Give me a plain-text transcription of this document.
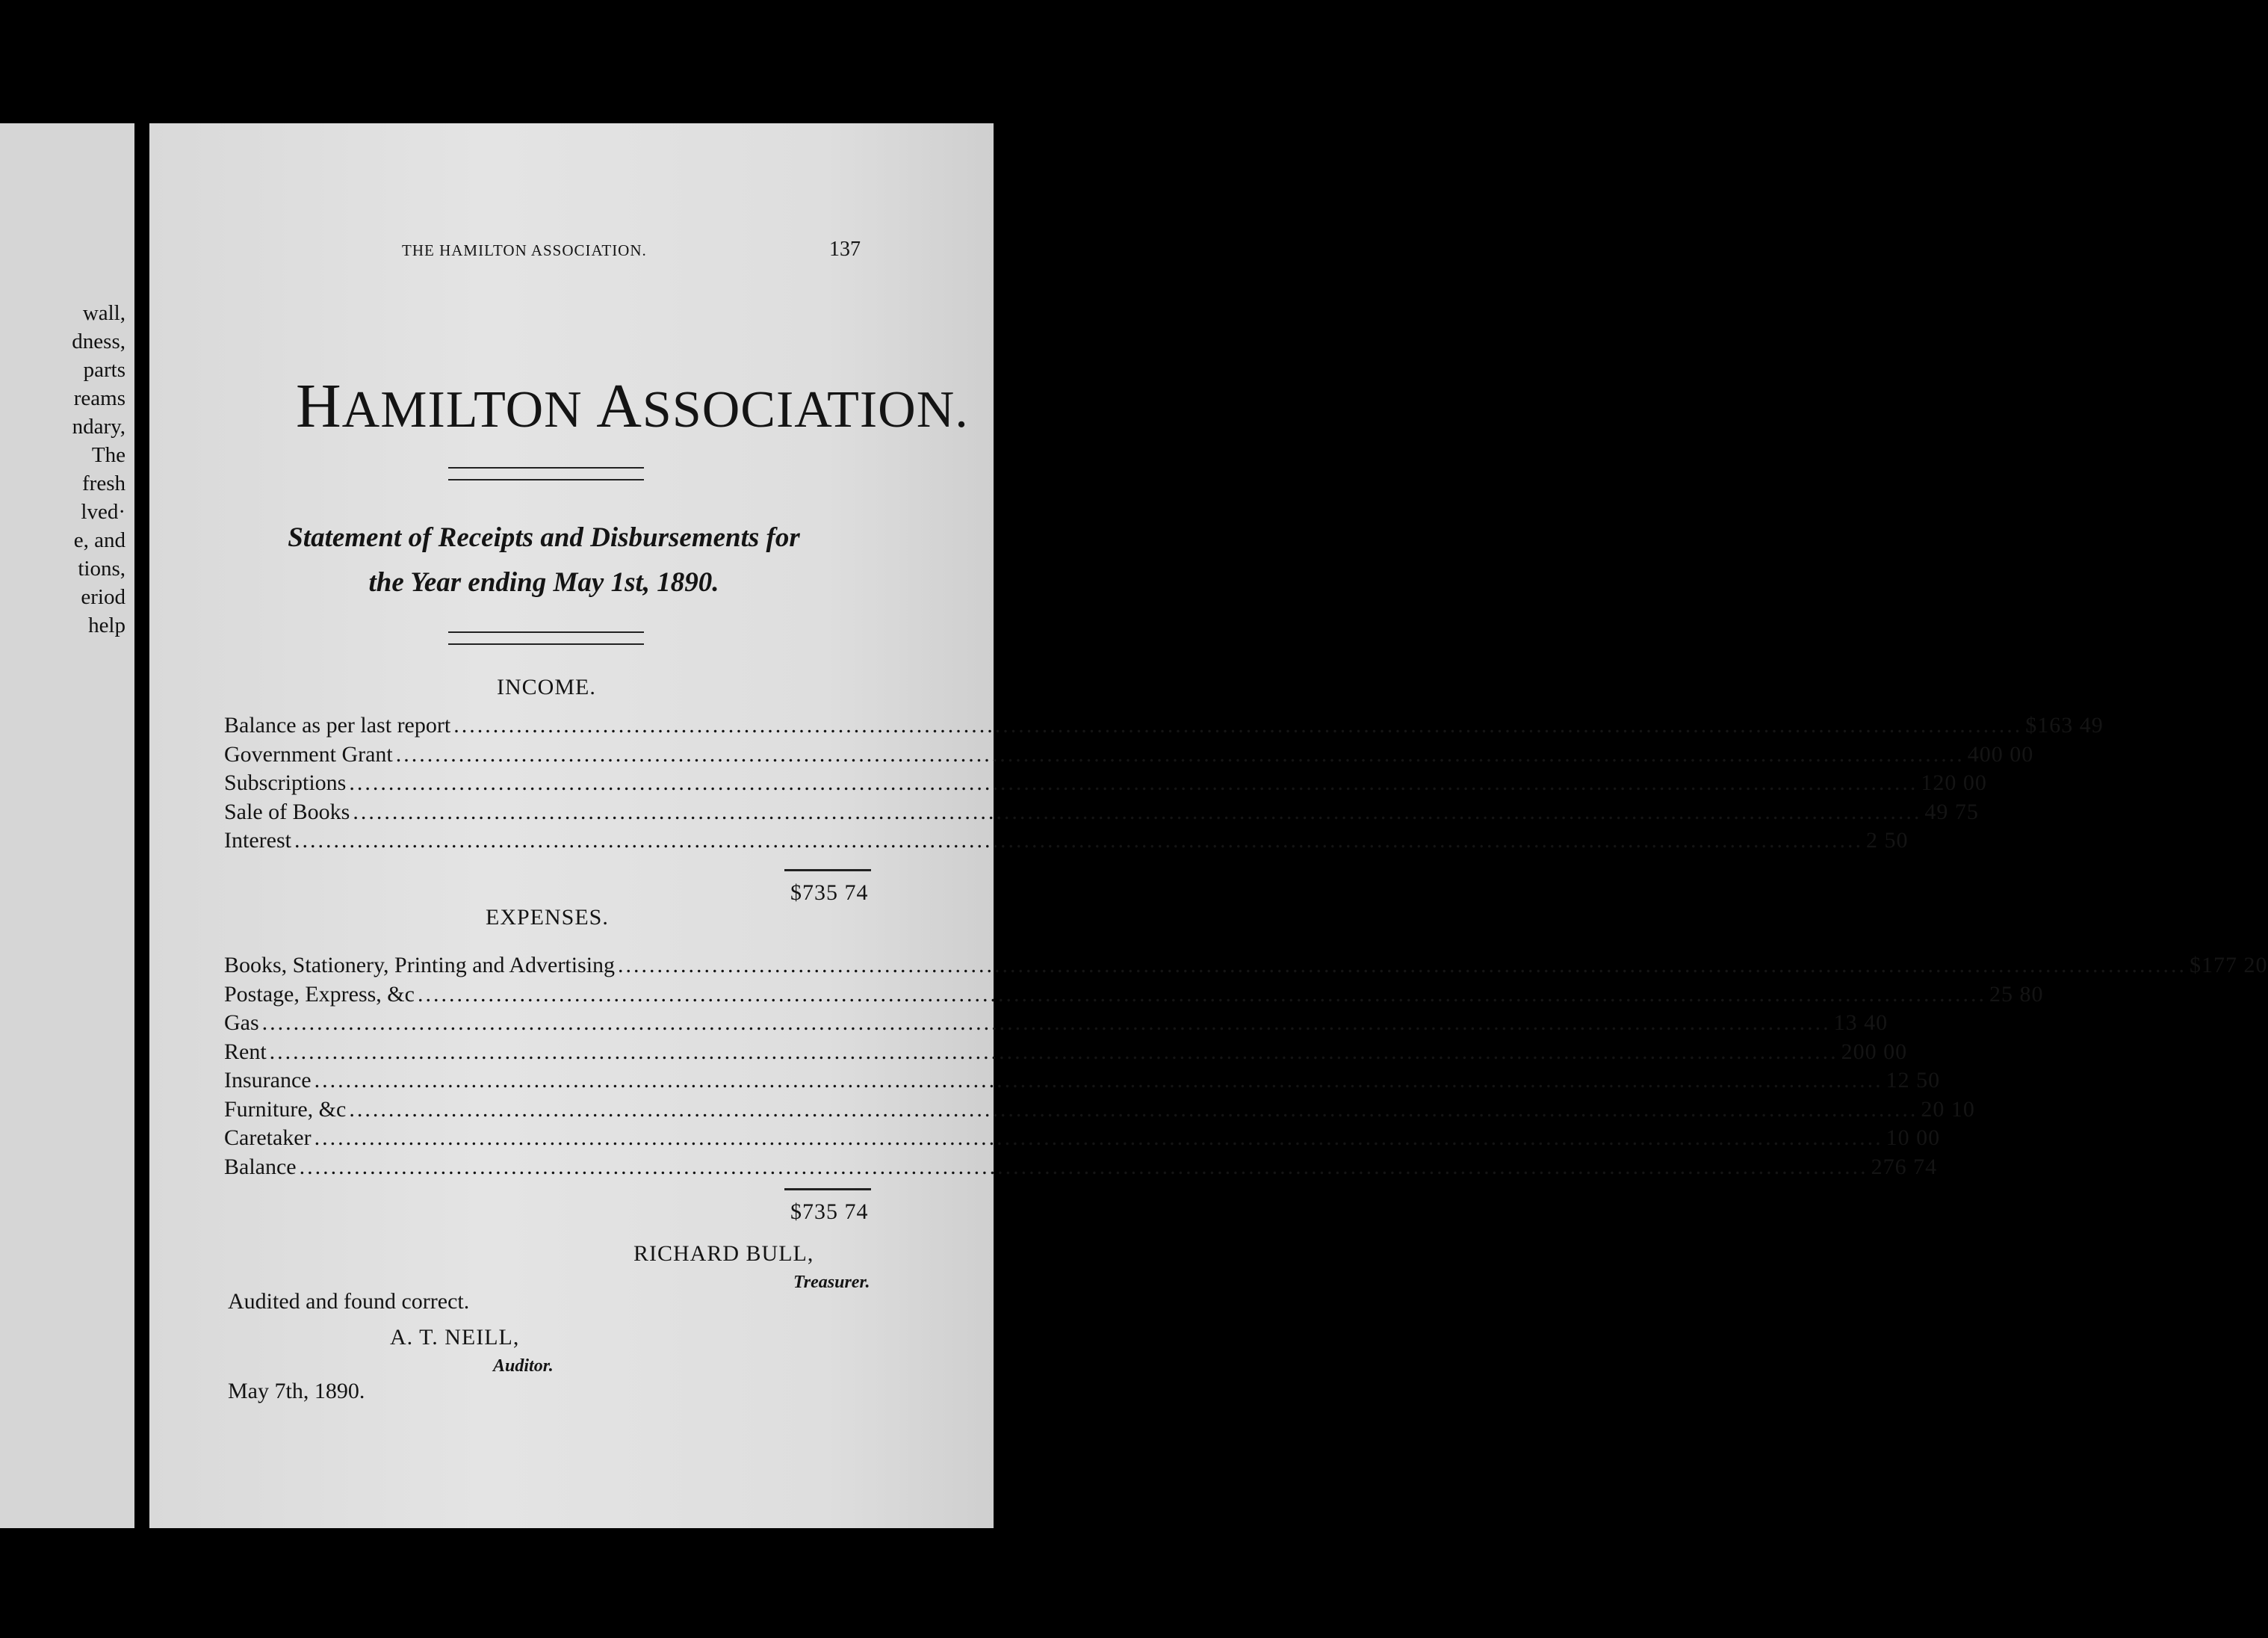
wall,
dness,
parts
reams
ndary,
The
fresh
lved·
e, and
tions,
eriod
help
THE HAMILTON ASSOCIATION.	137
HAMILTON ASSOCIATION.
Statement of Receipts and Disbursements for
the Year ending May 1st, 1890.
INCOME.
Balance as per last report ........................................................................................................................................................................................................ $163 49
Government Grant ........................................................................................................................................................................................................ 400 00
Subscriptions ........................................................................................................................................................................................................ 120 00
Sale of Books ........................................................................................................................................................................................................ 49 75
Interest ........................................................................................................................................................................................................ 2 50
$735 74
EXPENSES.
Books, Stationery, Printing and Advertising ........................................................................................................................................................................................................ $177 20
Postage, Express, &c ........................................................................................................................................................................................................ 25 80
Gas ........................................................................................................................................................................................................ 13 40
Rent ........................................................................................................................................................................................................ 200 00
Insurance ........................................................................................................................................................................................................ 12 50
Furniture, &c ........................................................................................................................................................................................................ 20 10
Caretaker ........................................................................................................................................................................................................ 10 00
Balance ........................................................................................................................................................................................................ 276 74
$735 74
RICHARD BULL,
Treasurer.
Audited and found correct.
A. T. NEILL,
Auditor.
May 7th, 1890.
